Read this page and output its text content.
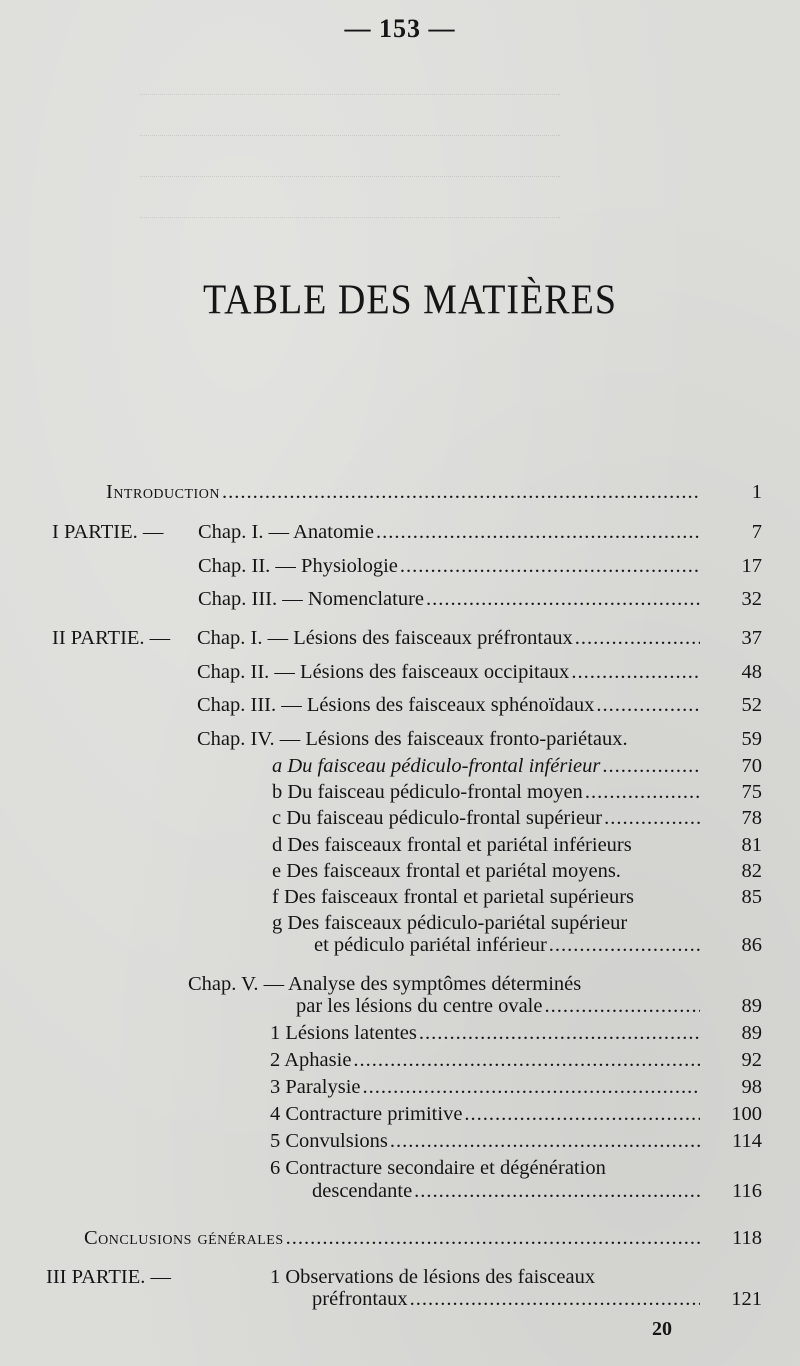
— 153 —
TABLE DES MATIÈRES
Introduction .....	1
I PARTIE. — Chap. I. — Anatomie .....	7
Chap. II. — Physiologie .....	17
Chap. III. — Nomenclature .....	32
II PARTIE. — Chap. I. — Lésions des faisceaux préfrontaux .....	37
Chap. II. — Lésions des faisceaux occipitaux .....	48
Chap. III. — Lésions des faisceaux sphénoïdaux .....	52
Chap. IV. — Lésions des faisceaux fronto-pariétaux.	59
a Du faisceau pédiculo-frontal inférieur .....	70
b Du faisceau pédiculo-frontal moyen .....	75
c Du faisceau pédiculo-frontal supérieur .....	78
d Des faisceaux frontal et pariétal inférieurs	81
e Des faisceaux frontal et pariétal moyens.	82
f Des faisceaux frontal et parietal supérieurs	85
g Des faisceaux pédiculo-pariétal supérieur
et pédiculo pariétal inférieur .....	86
Chap. V. — Analyse des symptômes déterminés
par les lésions du centre ovale .....	89
1 Lésions latentes .....	89
2 Aphasie .....	92
3 Paralysie .....	98
4 Contracture primitive .....	100
5 Convulsions .....	114
6 Contracture secondaire et dégénération
descendante .....	116
Conclusions générales .....	118
III PARTIE. —	1 Observations de lésions des faisceaux
préfrontaux .....	121
20
